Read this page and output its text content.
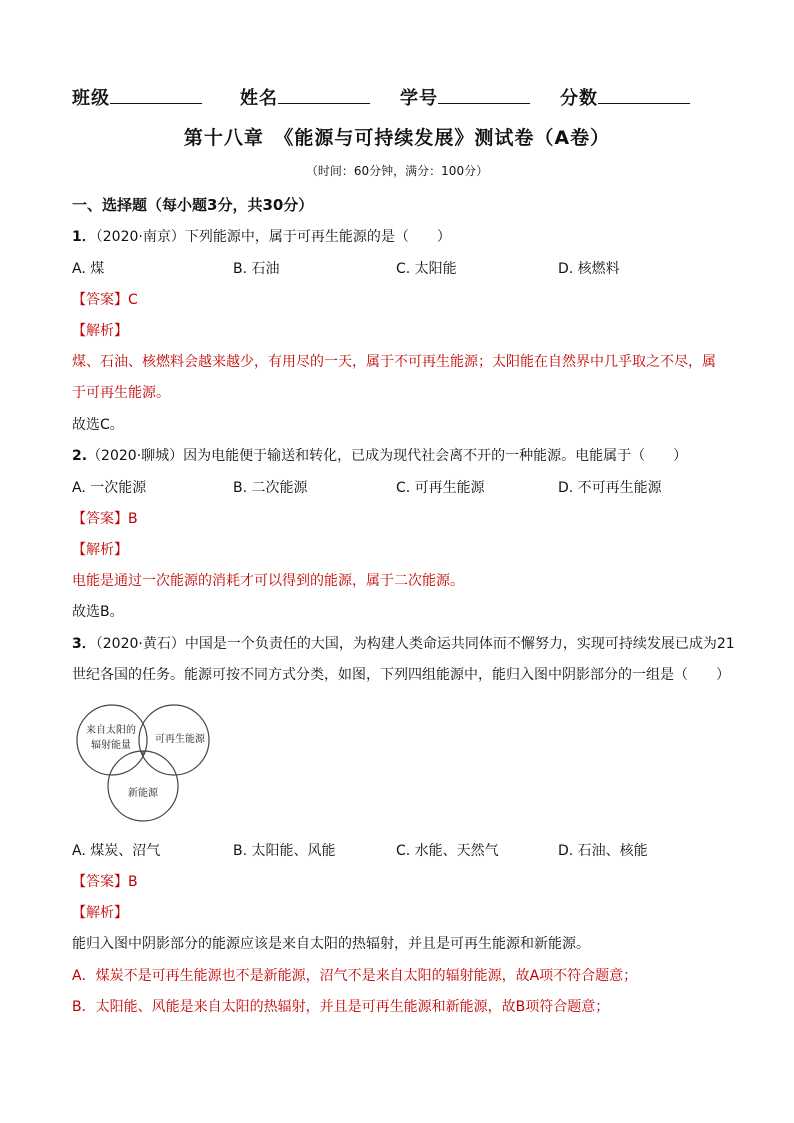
班级	姓名	学号	分数
第十八章　《能源与可持续发展》测试卷（A卷）
（时间：60分钟，满分：100分）
一、选择题（每小题3分，共30分）
1．（2020·南京）下列能源中，属于可再生能源的是（　　）
A. 煤	B. 石油	C. 太阳能	D. 核燃料
【答案】C
【解析】
煤、石油、核燃料会越来越少，有用尽的一天，属于不可再生能源；太阳能在自然界中几乎取之不尽，属
于可再生能源。
故选C。
2.（2020·聊城）因为电能便于输送和转化，已成为现代社会离不开的一种能源。电能属于（　　）
A. 一次能源	B. 二次能源	C. 可再生能源	D. 不可再生能源
【答案】B
【解析】
电能是通过一次能源的消耗才可以得到的能源，属于二次能源。
故选B。
3．（2020·黄石）中国是一个负责任的大国，为构建人类命运共同体而不懈努力，实现可持续发展已成为21
世纪各国的任务。能源可按不同方式分类，如图，下列四组能源中，能归入图中阴影部分的一组是（　　）
来自太阳的
辐射能量
可再生能源
新能源
A. 煤炭、沼气	B. 太阳能、风能	C. 水能、天然气	D. 石油、核能
【答案】B
【解析】
能归入图中阴影部分的能源应该是来自太阳的热辐射，并且是可再生能源和新能源。
A．煤炭不是可再生能源也不是新能源，沼气不是来自太阳的辐射能源，故A项不符合题意；
B．太阳能、风能是来自太阳的热辐射，并且是可再生能源和新能源，故B项符合题意；
